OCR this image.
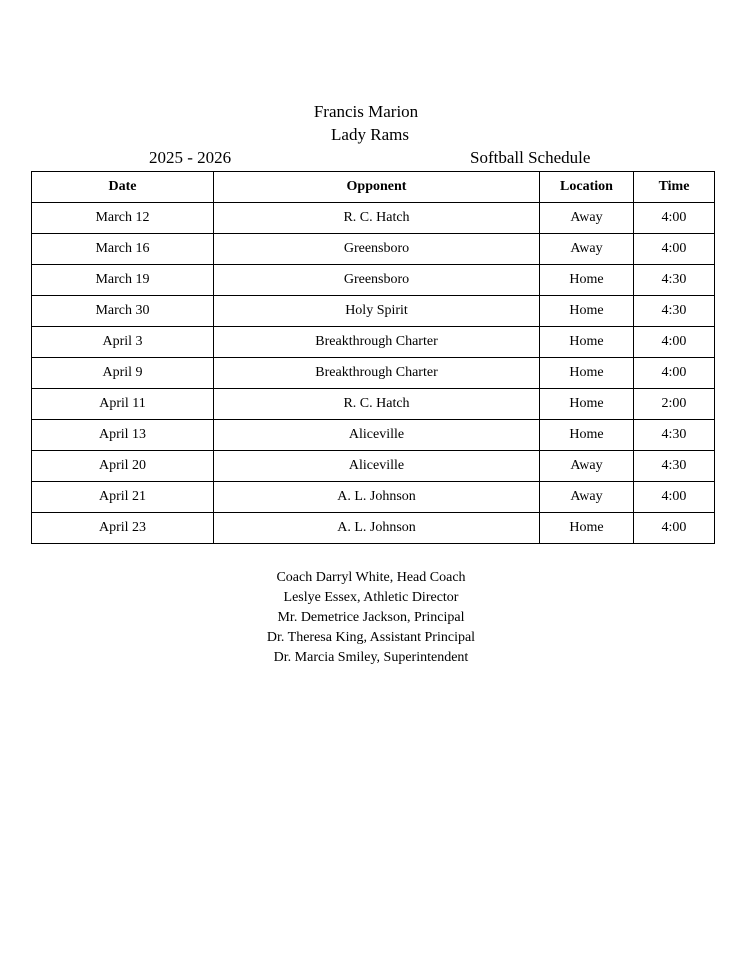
Francis Marion
Lady Rams
2025 - 2026	Softball Schedule
Date	Opponent	Location	Time
March 12	R. C. Hatch	Away	4:00
March 16	Greensboro	Away	4:00
March 19	Greensboro	Home	4:30
March 30	Holy Spirit	Home	4:30
April 3	Breakthrough Charter	Home	4:00
April 9	Breakthrough Charter	Home	4:00
April 11	R. C. Hatch	Home	2:00
April 13	Aliceville	Home	4:30
April 20	Aliceville	Away	4:30
April 21	A. L. Johnson	Away	4:00
April 23	A. L. Johnson	Home	4:00
Coach Darryl White, Head Coach
Leslye Essex, Athletic Director
Mr. Demetrice Jackson, Principal
Dr. Theresa King, Assistant Principal
Dr. Marcia Smiley, Superintendent
